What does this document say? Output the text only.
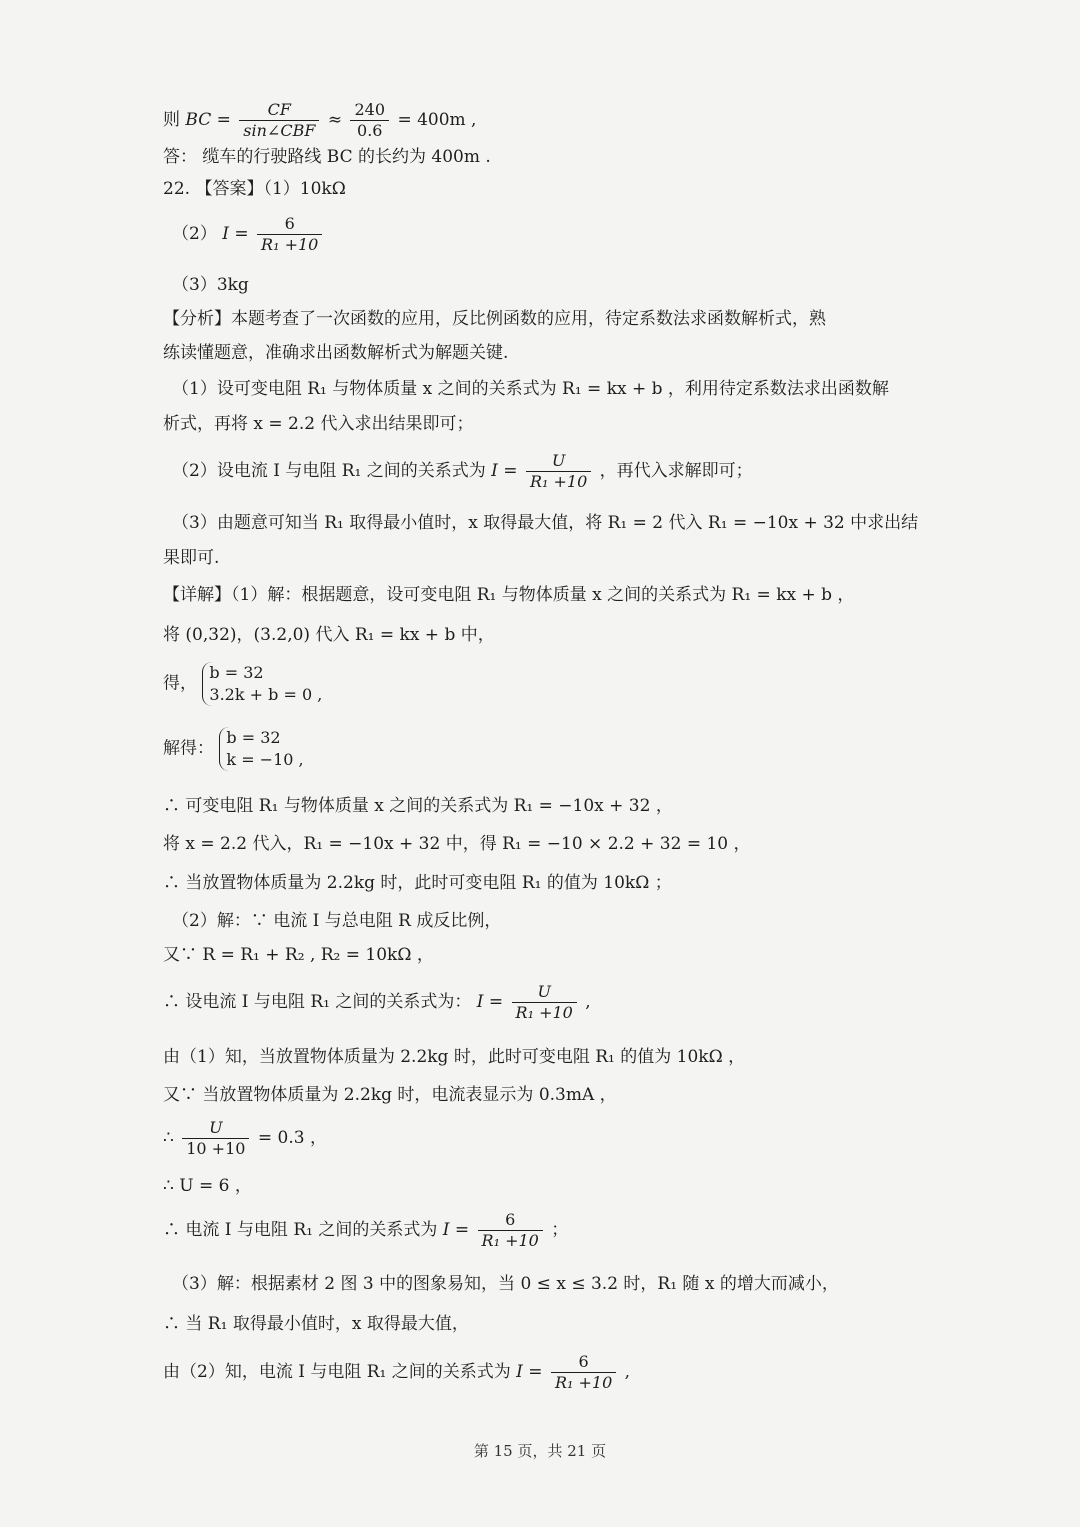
则 BC = $\frac{CF}{\text{sin∠CBF}} \approx \frac{240}{0.6} = 400m$ ,
答： 缆车的行驶路线 BC 的长约为 400m .
22. 【答案】（1）10kΩ
（2） $I = \frac{6}{\text{R₁ +10}}$
（3）3kg
【分析】本题考查了一次函数的应用，反比例函数的应用，待定系数法求函数解析式，熟
练读懂题意，准确求出函数解析式为解题关键.
（1）设可变电阻 R₁ 与物体质量 x 之间的关系式为 R₁ = kx + b ，利用待定系数法求出函数解
析式，再将 x = 2.2 代入求出结果即可；
（2）设电流 I 与电阻 R₁ 之间的关系式为 $I = \frac{U}{\text{R₁ +10}}$ ，再代入求解即可；
（3）由题意可知当 R₁ 取得最小值时，x 取得最大值，将 R₁ = 2 代入 R₁ = −10x + 32 中求出结
果即可.
【详解】（1）解：根据题意，设可变电阻 R₁ 与物体质量 x 之间的关系式为 R₁ = kx + b ，
将 (0,32)，(3.2,0) 代入 R₁ = kx + b 中，
得，
b = 32
3.2k + b = 0 ,
解得：
b = 32
k = −10 ,
∴ 可变电阻 R₁ 与物体质量 x 之间的关系式为 R₁ = −10x + 32 ，
将 x = 2.2 代入，R₁ = −10x + 32 中，得 R₁ = −10 × 2.2 + 32 = 10 ，
∴ 当放置物体质量为 2.2kg 时，此时可变电阻 R₁ 的值为 10kΩ ；
（2）解：∵ 电流 I 与总电阻 R 成反比例，
又∵ R = R₁ + R₂ , R₂ = 10kΩ ，
∴ 设电流 I 与电阻 R₁ 之间的关系式为： $I = \frac{U}{\text{R₁ +10}}$ ,
由（1）知，当放置物体质量为 2.2kg 时，此时可变电阻 R₁ 的值为 10kΩ ，
又∵ 当放置物体质量为 2.2kg 时，电流表显示为 0.3mA ，
∴ $\frac{U}{10 +10} = 0.3$ ，
∴ U = 6 ，
∴ 电流 I 与电阻 R₁ 之间的关系式为 $I = \frac{6}{\text{R₁ +10}}$ ；
（3）解：根据素材 2 图 3 中的图象易知，当 0 ≤ x ≤ 3.2 时，R₁ 随 x 的增大而减小，
∴ 当 R₁ 取得最小值时，x 取得最大值，
由（2）知，电流 I 与电阻 R₁ 之间的关系式为 $I = \frac{6}{\text{R₁ +10}}$ ,
第 15 页，共 21 页
